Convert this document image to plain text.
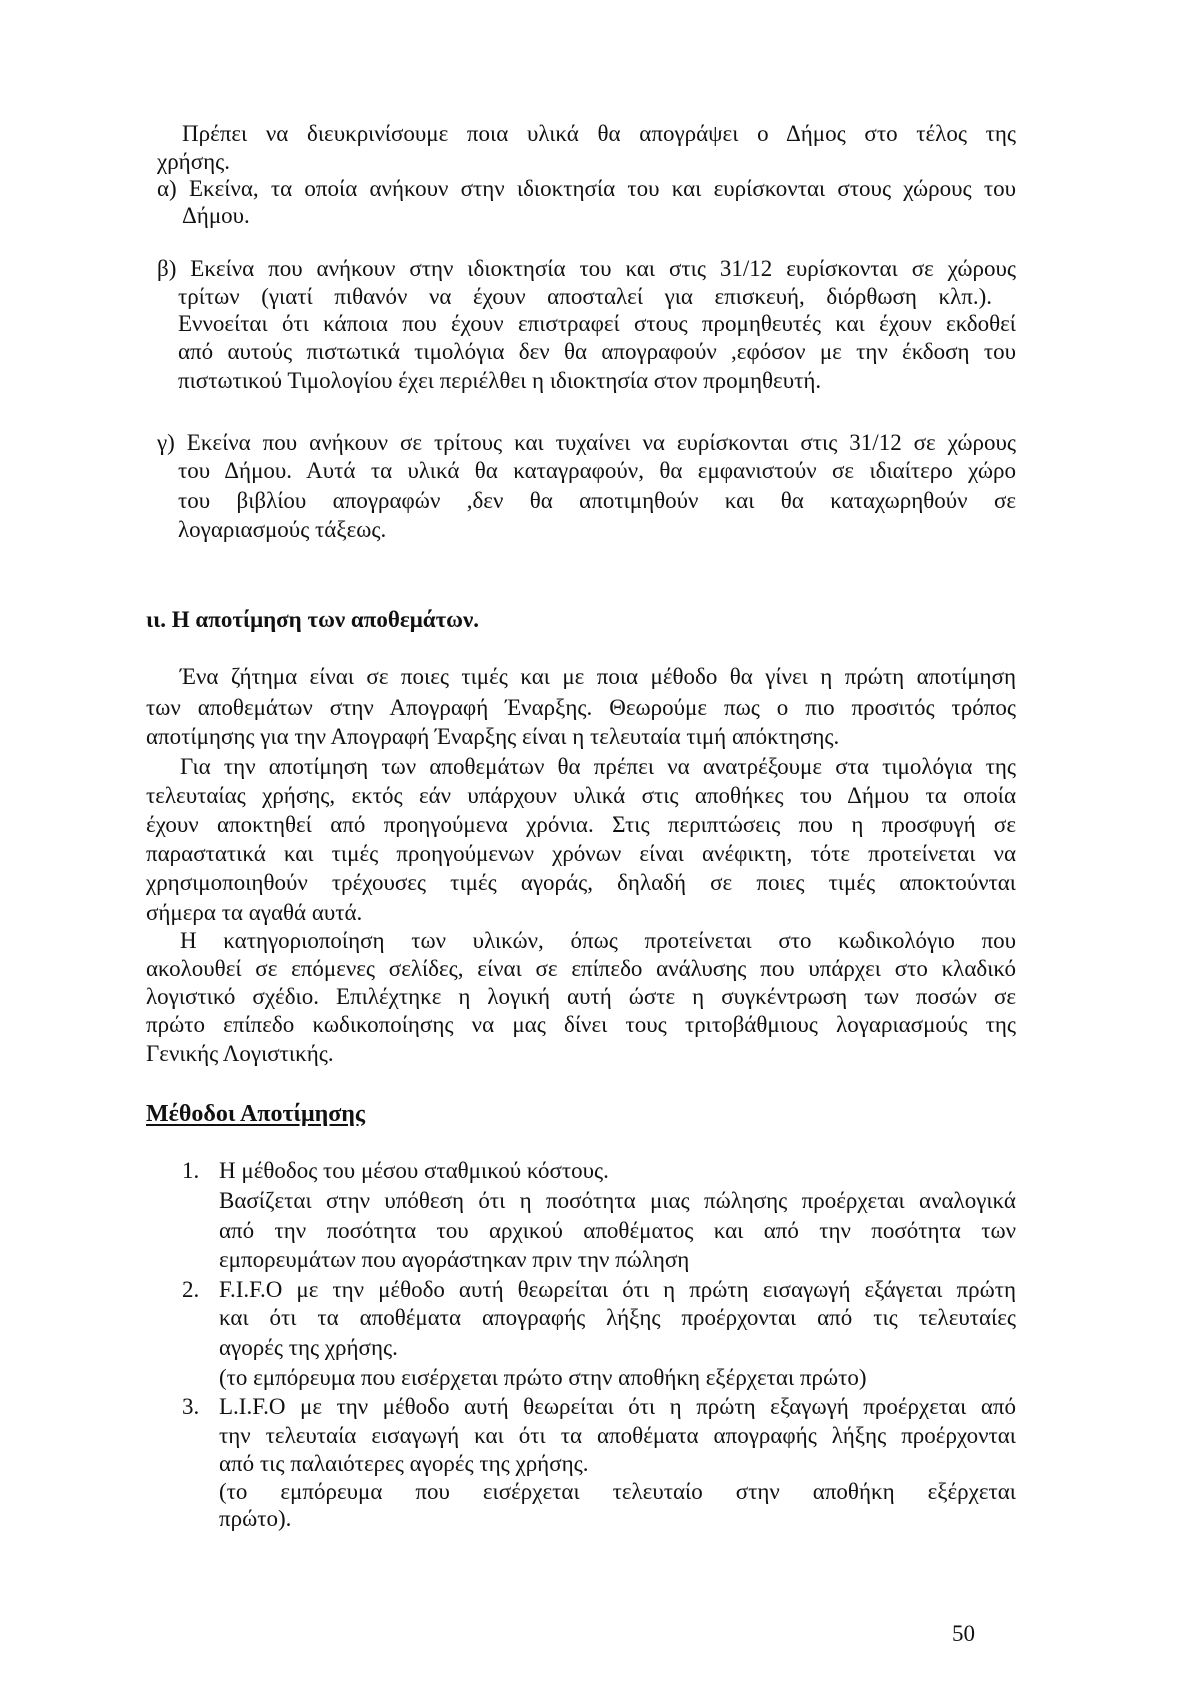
Πρέπει να διευκρινίσουμε ποια υλικά θα απογράψει ο Δήμος στο τέλος της
χρήσης.
α) Εκείνα, τα οποία ανήκουν στην ιδιοκτησία του και ευρίσκονται στους χώρους του
Δήμου.
β) Εκείνα που ανήκουν στην ιδιοκτησία του και στις 31/12 ευρίσκονται σε χώρους
τρίτων (γιατί πιθανόν να έχουν αποσταλεί για επισκευή, διόρθωση κλπ.).
Εννοείται ότι κάποια που έχουν επιστραφεί στους προμηθευτές και έχουν εκδοθεί
από αυτούς πιστωτικά τιμολόγια δεν θα απογραφούν ,εφόσον με την έκδοση του
πιστωτικού Τιμολογίου έχει περιέλθει η ιδιοκτησία στον προμηθευτή.
γ) Εκείνα που ανήκουν σε τρίτους και τυχαίνει να ευρίσκονται στις 31/12 σε χώρους
του Δήμου. Αυτά τα υλικά θα καταγραφούν, θα εμφανιστούν σε ιδιαίτερο χώρο
του βιβλίου απογραφών ,δεν θα αποτιμηθούν και θα καταχωρηθούν σε
λογαριασμούς τάξεως.
ιι. Η αποτίμηση των αποθεμάτων.
Ένα ζήτημα είναι σε ποιες τιμές και με ποια μέθοδο θα γίνει η πρώτη αποτίμηση
των αποθεμάτων στην Απογραφή Έναρξης. Θεωρούμε πως ο πιο προσιτός τρόπος
αποτίμησης για την Απογραφή Έναρξης είναι η τελευταία τιμή απόκτησης.
Για την αποτίμηση των αποθεμάτων θα πρέπει να ανατρέξουμε στα τιμολόγια της
τελευταίας χρήσης, εκτός εάν υπάρχουν υλικά στις αποθήκες του Δήμου τα οποία
έχουν αποκτηθεί από προηγούμενα χρόνια. Στις περιπτώσεις που η προσφυγή σε
παραστατικά και τιμές προηγούμενων χρόνων είναι ανέφικτη, τότε προτείνεται να
χρησιμοποιηθούν τρέχουσες τιμές αγοράς, δηλαδή σε ποιες τιμές αποκτούνται
σήμερα τα αγαθά αυτά.
Η κατηγοριοποίηση των υλικών, όπως προτείνεται στο κωδικολόγιο που
ακολουθεί σε επόμενες σελίδες, είναι σε επίπεδο ανάλυσης που υπάρχει στο κλαδικό
λογιστικό σχέδιο. Επιλέχτηκε η λογική αυτή ώστε η συγκέντρωση των ποσών σε
πρώτο επίπεδο κωδικοποίησης να μας δίνει τους τριτοβάθμιους λογαριασμούς της
Γενικής Λογιστικής.
Μέθοδοι Αποτίμησης
1. Η μέθοδος του μέσου σταθμικού κόστους.
Βασίζεται στην υπόθεση ότι η ποσότητα μιας πώλησης προέρχεται αναλογικά
από την ποσότητα του αρχικού αποθέματος και από την ποσότητα των
εμπορευμάτων που αγοράστηκαν πριν την πώληση
2. F.I.F.O με την μέθοδο αυτή θεωρείται ότι η πρώτη εισαγωγή εξάγεται πρώτη
και ότι τα αποθέματα απογραφής λήξης προέρχονται από τις τελευταίες
αγορές της χρήσης.
(το εμπόρευμα που εισέρχεται πρώτο στην αποθήκη εξέρχεται πρώτο)
3. L.I.F.O με την μέθοδο αυτή θεωρείται ότι η πρώτη εξαγωγή προέρχεται από
την τελευταία εισαγωγή και ότι τα αποθέματα απογραφής λήξης προέρχονται
από τις παλαιότερες αγορές της χρήσης.
(το εμπόρευμα που εισέρχεται τελευταίο στην αποθήκη εξέρχεται
πρώτο).
50
